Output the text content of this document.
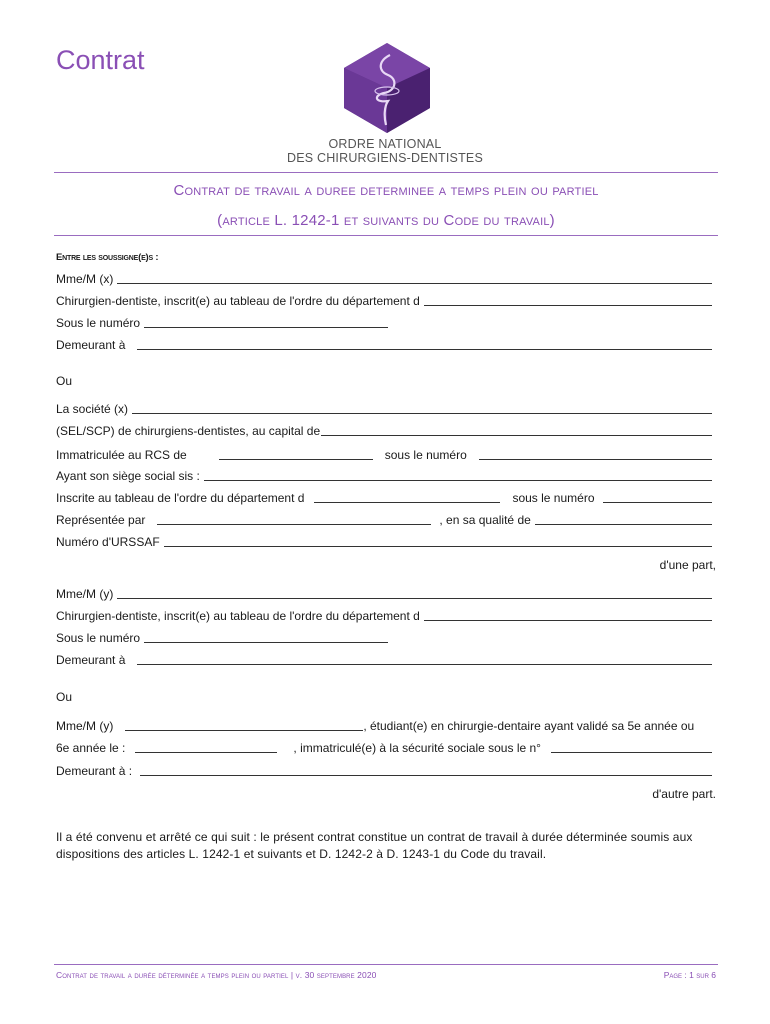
Contrat
ORDRE NATIONAL
DES CHIRURGIENS-DENTISTES
Contrat de travail a duree determinee a temps plein ou partiel
(article L. 1242-1 et suivants du Code du travail)
Entre les soussigne(e)s :
Mme/M (x)
Chirurgien-dentiste, inscrit(e) au tableau de l'ordre du département d
Sous le numéro
Demeurant à
Ou
La société (x)
(SEL/SCP) de chirurgiens-dentistes, au capital de
Immatriculée au RCS de	sous le numéro
Ayant son siège social sis :
Inscrite au tableau de l'ordre du département d	sous le numéro
Représentée par	, en sa qualité de
Numéro d'URSSAF
d'une part,
Mme/M (y)
Chirurgien-dentiste, inscrit(e) au tableau de l'ordre du département d
Sous le numéro
Demeurant à
Ou
Mme/M (y)	, étudiant(e) en chirurgie-dentaire ayant validé sa 5e année ou
6e année le :	, immatriculé(e) à la sécurité sociale sous le n°
Demeurant à :
d'autre part.
Il a été convenu et arrêté ce qui suit : le présent contrat constitue un contrat de travail à durée déterminée soumis aux dispositions des articles L. 1242-1 et suivants et D. 1242-2 à D. 1243-1 du Code du travail.
Contrat de travail a durée déterminée a temps plein ou partiel | v. 30 septembre 2020	Page : 1 sur 6
